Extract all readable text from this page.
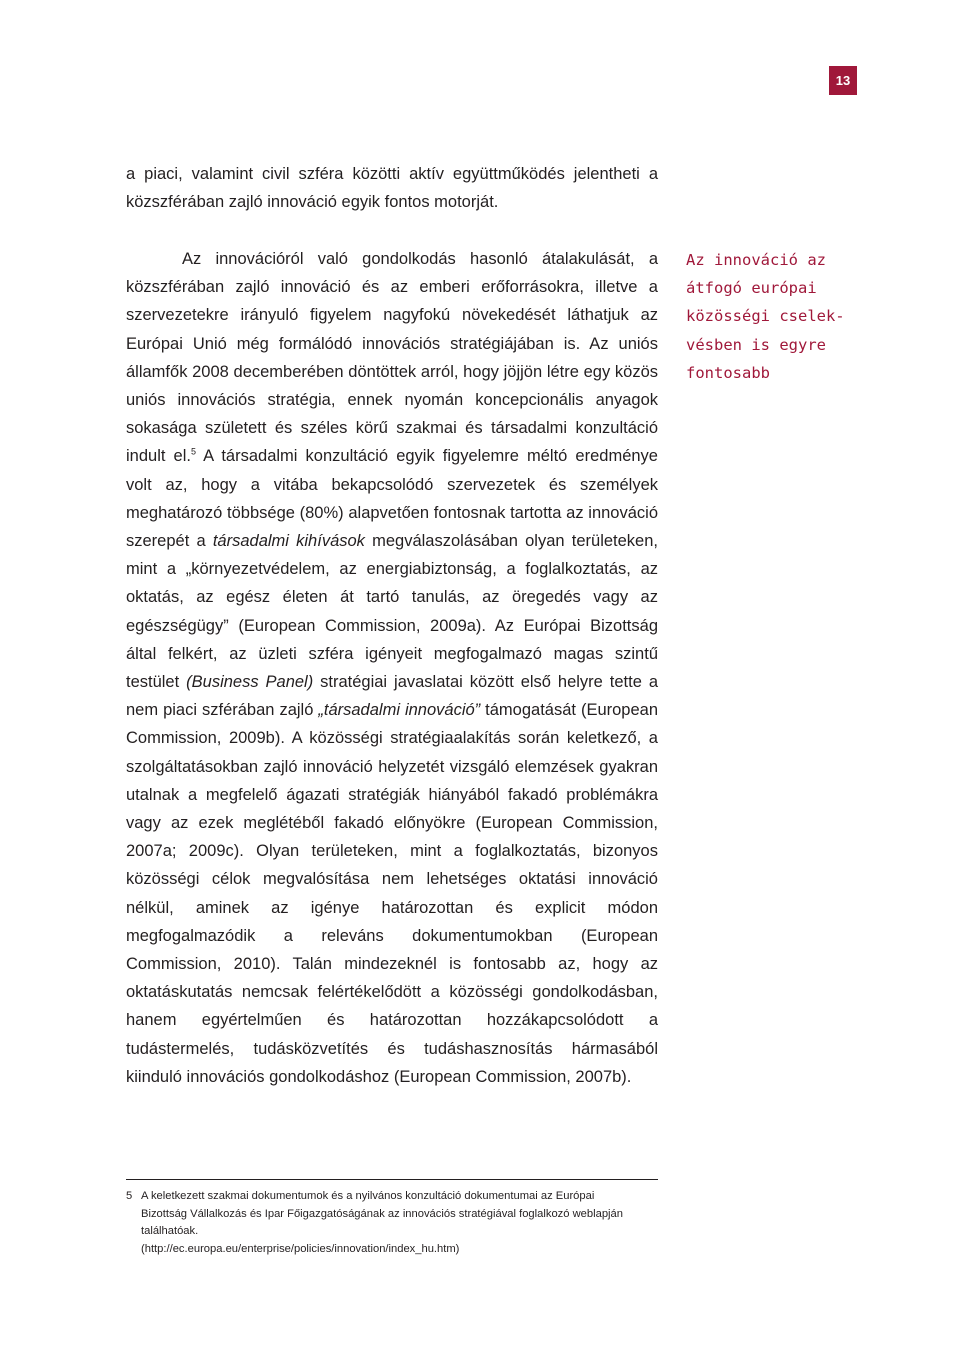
13

a piaci, valamint civil szféra közötti aktív együttműködés jelentheti a közszférában zajló innováció egyik fontos motorját.

Az innovációról való gondolkodás hasonló átalakulását, a közszférában zajló innováció és az emberi erőforrásokra, illetve a szervezetekre irányuló figyelem nagyfokú növekedését láthatjuk az Európai Unió még formálódó innovációs stratégiájában is. Az uniós államfők 2008 decemberében döntöttek arról, hogy jöjjön létre egy közös uniós innovációs stratégia, ennek nyomán koncepcionális anyagok sokasága született és széles körű szakmai és társadalmi konzultáció indult el.$^5$ A társadalmi konzultáció egyik figyelemre méltó eredménye volt az, hogy a vitába bekapcsolódó szervezetek és személyek meghatározó többsége (80%) alapvetően fontosnak tartotta az innováció szerepét a társadalmi kihívások megválaszolásában olyan területeken, mint a „környezetvédelem, az energiabiztonság, a foglalkoztatás, az oktatás, az egész életen át tartó tanulás, az öregedés vagy az egészségügy” (European Commission, 2009a). Az Európai Bizottság által felkért, az üzleti szféra igényeit megfogalmazó magas szintű testület (Business Panel) stratégiai javaslatai között első helyre tette a nem piaci szférában zajló „társadalmi innováció” támogatását (European Commission, 2009b). A közösségi stratégiaalakítás során keletkező, a szolgáltatásokban zajló innováció helyzetét vizsgáló elemzések gyakran utalnak a megfelelő ágazati stratégiák hiányából fakadó problémákra vagy az ezek meglétéből fakadó előnyökre (European Commission, 2007a; 2009c). Olyan területeken, mint a foglalkoztatás, bizonyos közösségi célok megvalósítása nem lehetséges oktatási innováció nélkül, aminek az igénye határozottan és explicit módon megfogalmazódik a releváns dokumentumokban (European Commission, 2010). Talán mindezeknél is fontosabb az, hogy az oktatáskutatás nemcsak felértékelődött a közösségi gondolkodásban, hanem egyértelműen és határozottan hozzákapcsolódott a tudástermelés, tudásközvetítés és tudáshasznosítás hármasából kiinduló innovációs gondolkodáshoz (European Commission, 2007b).

Az innováció az
átfogó európai
közösségi cselek-
vésben is egyre
fontosabb
5 A keletkezett szakmai dokumentumok és a nyilvános konzultáció dokumentumai az Európai
Bizottság Vállalkozás és Ipar Főigazgatóságának az innovációs stratégiával foglalkozó weblapján
találhatóak.
(http://ec.europa.eu/enterprise/policies/innovation/index_hu.htm)
